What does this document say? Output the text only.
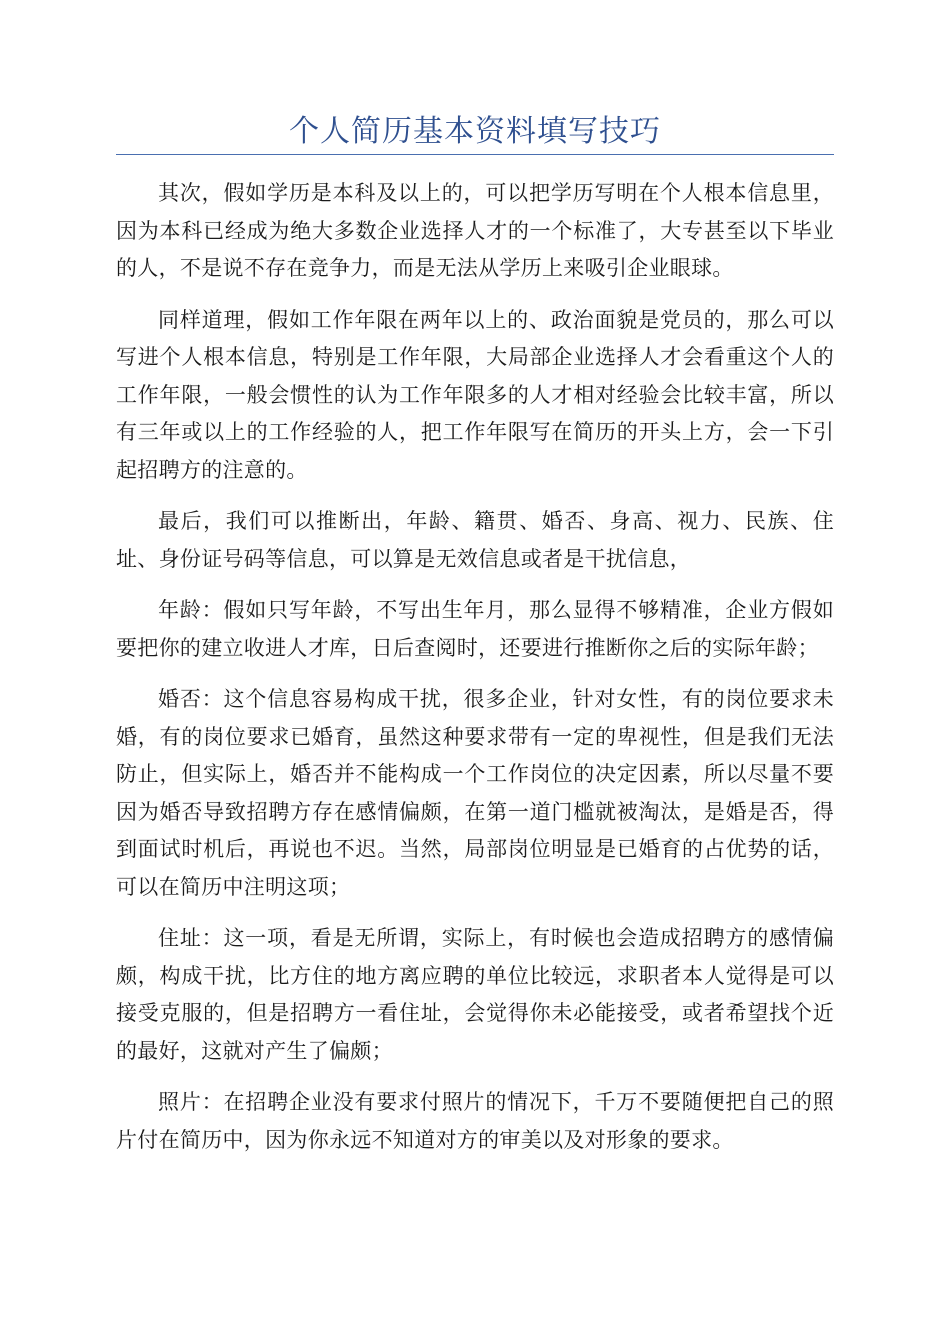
个人简历基本资料填写技巧

其次，假如学历是本科及以上的，可以把学历写明在个人根本信息里，因为本科已经成为绝大多数企业选择人才的一个标准了，大专甚至以下毕业的人，不是说不存在竞争力，而是无法从学历上来吸引企业眼球。

同样道理，假如工作年限在两年以上的、政治面貌是党员的，那么可以写进个人根本信息，特别是工作年限，大局部企业选择人才会看重这个人的工作年限，一般会惯性的认为工作年限多的人才相对经验会比较丰富，所以有三年或以上的工作经验的人，把工作年限写在简历的开头上方，会一下引起招聘方的注意的。

最后，我们可以推断出，年龄、籍贯、婚否、身高、视力、民族、住址、身份证号码等信息，可以算是无效信息或者是干扰信息，

年龄：假如只写年龄，不写出生年月，那么显得不够精准，企业方假如要把你的建立收进人才库，日后查阅时，还要进行推断你之后的实际年龄；

婚否：这个信息容易构成干扰，很多企业，针对女性，有的岗位要求未婚，有的岗位要求已婚育，虽然这种要求带有一定的卑视性，但是我们无法防止，但实际上，婚否并不能构成一个工作岗位的决定因素，所以尽量不要因为婚否导致招聘方存在感情偏颇，在第一道门槛就被淘汰，是婚是否，得到面试时机后，再说也不迟。当然，局部岗位明显是已婚育的占优势的话，可以在简历中注明这项；

住址：这一项，看是无所谓，实际上，有时候也会造成招聘方的感情偏颇，构成干扰，比方住的地方离应聘的单位比较远，求职者本人觉得是可以接受克服的，但是招聘方一看住址，会觉得你未必能接受，或者希望找个近的最好，这就对产生了偏颇；

照片：在招聘企业没有要求付照片的情况下，千万不要随便把自己的照片付在简历中，因为你永远不知道对方的审美以及对形象的要求。
